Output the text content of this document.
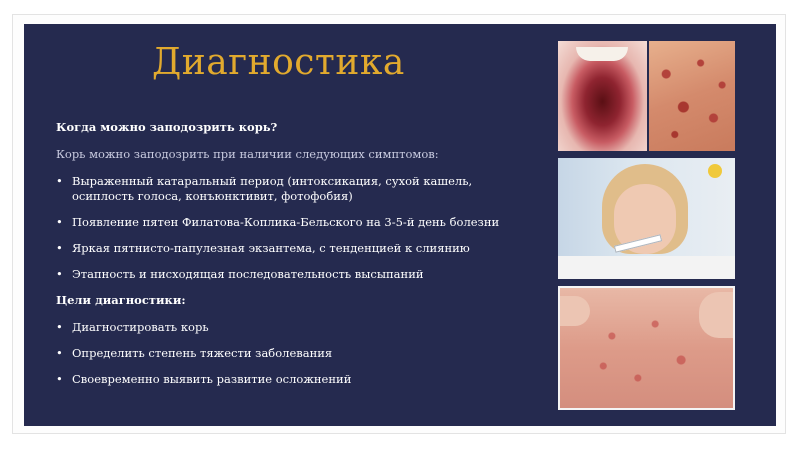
Диагностика

Когда можно заподозрить корь?

Корь можно заподозрить при наличии следующих симптомов:

• Выраженный катаральный период (интоксикация, сухой кашель, осиплость голоса, конъюнктивит, фотофобия)
• Появление пятен Филатова-Коплика-Бельского на 3-5-й день болезни
• Яркая пятнисто-папулезная экзантема, с тенденцией к слиянию
• Этапность и нисходящая последовательность высыпаний

Цели диагностики:

• Диагностировать корь
• Определить степень тяжести заболевания
• Своевременно выявить развитие осложнений
